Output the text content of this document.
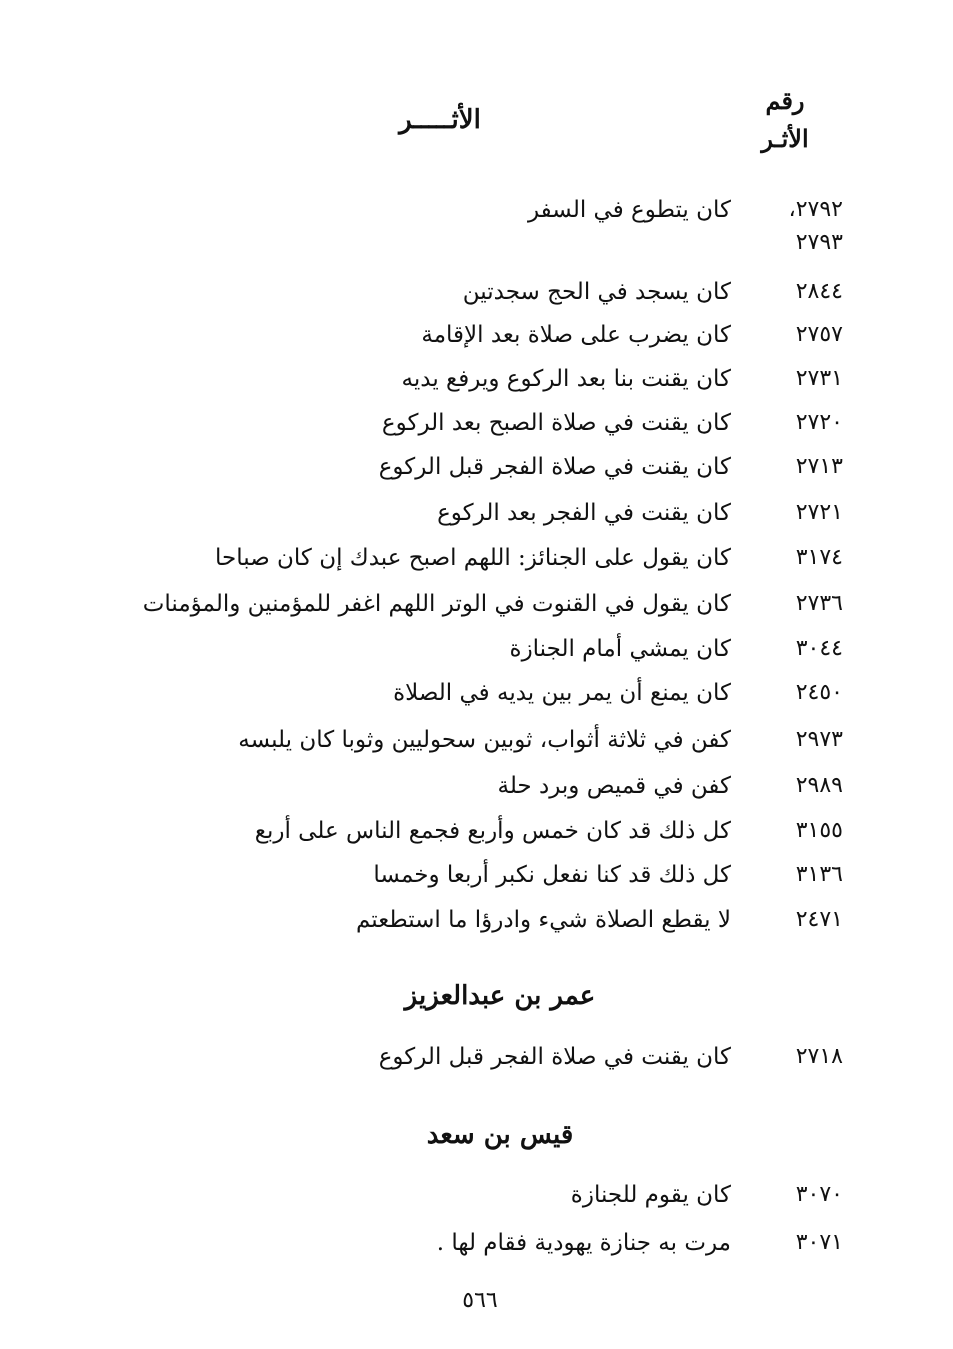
رقم
الأثـر
الأثـــــر
٢٧٩٢،
كان يتطوع في السفر
٢٧٩٣
٢٨٤٤
كان يسجد في الحج سجدتين
٢٧٥٧
كان يضرب على صلاة بعد الإقامة
٢٧٣١
كان يقنت بنا بعد الركوع ويرفع يديه
٢٧٢٠
كان يقنت في صلاة الصبح بعد الركوع
٢٧١٣
كان يقنت في صلاة الفجر قبل الركوع
٢٧٢١
كان يقنت في الفجر بعد الركوع
٣١٧٤
كان يقول على الجنائز: اللهم اصبح عبدك إن كان صباحا
٢٧٣٦
كان يقول في القنوت في الوتر اللهم اغفر للمؤمنين والمؤمنات
٣٠٤٤
كان يمشي أمام الجنازة
٢٤٥٠
كان يمنع أن يمر بين يديه في الصلاة
٢٩٧٣
كفن في ثلاثة أثواب، ثوبين سحوليين وثوبا كان يلبسه
٢٩٨٩
كفن في قميص وبرد حلة
٣١٥٥
كل ذلك قد كان خمس وأربع فجمع الناس على أربع
٣١٣٦
كل ذلك قد كنا نفعل نكبر أربعا وخمسا
٢٤٧١
لا يقطع الصلاة شيء وادرؤا ما استطعتم
عمر بن عبدالعزيز
٢٧١٨
كان يقنت في صلاة الفجر قبل الركوع
قيس بن سعد
٣٠٧٠
كان يقوم للجنازة
٣٠٧١
مرت به جنازة يهودية فقام لها .
٥٦٦
